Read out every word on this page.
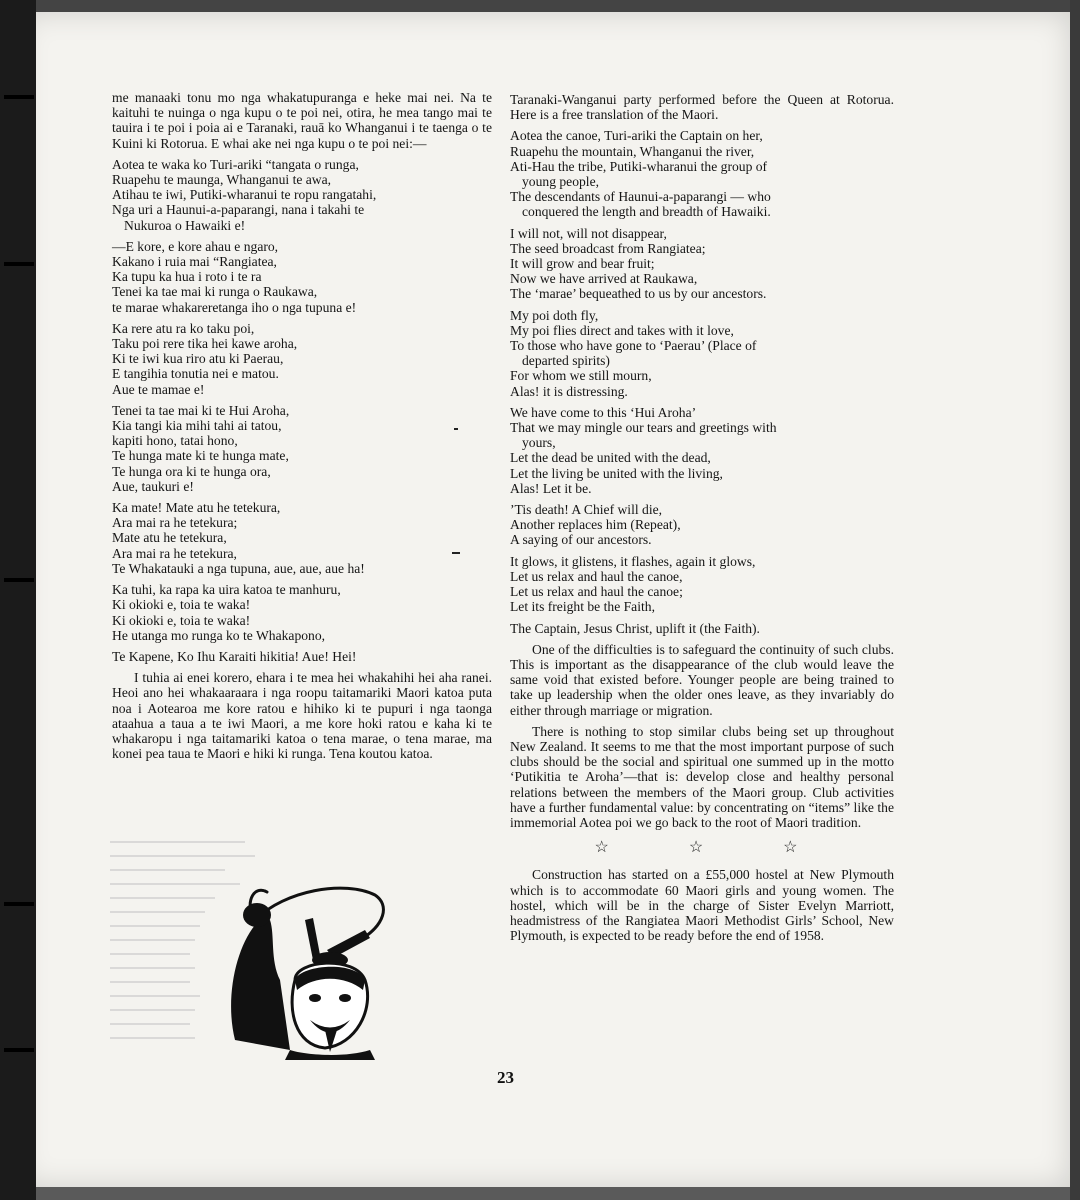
me manaaki tonu mo nga whakatupuranga e heke mai nei. Na te kaituhi te nuinga o nga kupu o te poi nei, otira, he mea tango mai te tauira i te poi i poia ai e Taranaki, rauā ko Whanganui i te taenga o te Kuini ki Rotorua. E whai ake nei nga kupu o te poi nei:—

Aotea te waka ko Turi-ariki “tangata o runga,
Ruapehu te maunga, Whanganui te awa,
Atihau te iwi, Putiki-wharanui te ropu rangatahi,
Nga uri a Haunui-a-paparangi, nana i takahi te
Nukuroa o Hawaiki e!
—E kore, e kore ahau e ngaro,
Kakano i ruia mai “Rangiatea,
Ka tupu ka hua i roto i te ra
Tenei ka tae mai ki runga o Raukawa,
te marae whakareretanga iho o nga tupuna e!
Ka rere atu ra ko taku poi,
Taku poi rere tika hei kawe aroha,
Ki te iwi kua riro atu ki Paerau,
E tangihia tonutia nei e matou.
Aue te mamae e!
Tenei ta tae mai ki te Hui Aroha,
Kia tangi kia mihi tahi ai tatou,
kapiti hono, tatai hono,
Te hunga mate ki te hunga mate,
Te hunga ora ki te hunga ora,
Aue, taukuri e!
Ka mate! Mate atu he tetekura,
Ara mai ra he tetekura;
Mate atu he tetekura,
Ara mai ra he tetekura,
Te Whakatauki a nga tupuna, aue, aue, aue ha!
Ka tuhi, ka rapa ka uira katoa te manhuru,
Ki okioki e, toia te waka!
Ki okioki e, toia te waka!
He utanga mo runga ko te Whakapono,
Te Kapene, Ko Ihu Karaiti hikitia! Aue! Hei!

I tuhia ai enei korero, ehara i te mea hei whakahihi hei aha ranei. Heoi ano hei whakaaraara i nga roopu taitamariki Maori katoa puta noa i Aotearoa me kore ratou e hihiko ki te pupuri i nga taonga ataahua a taua a te iwi Maori, a me kore hoki ratou e kaha ki te whakaropu i nga taitamariki katoa o tena marae, o tena marae, ma konei pea taua te Maori e hiki ki runga. Tena koutou katoa.

Taranaki-Wanganui party performed before the Queen at Rotorua. Here is a free translation of the Maori.

Aotea the canoe, Turi-ariki the Captain on her,
Ruapehu the mountain, Whanganui the river,
Ati-Hau the tribe, Putiki-wharanui the group of
young people,
The descendants of Haunui-a-paparangi — who
conquered the length and breadth of Hawaiki.
I will not, will not disappear,
The seed broadcast from Rangiatea;
It will grow and bear fruit;
Now we have arrived at Raukawa,
The ‘marae’ bequeathed to us by our ancestors.
My poi doth fly,
My poi flies direct and takes with it love,
To those who have gone to ‘Paerau’ (Place of
departed spirits)
For whom we still mourn,
Alas! it is distressing.
We have come to this ‘Hui Aroha’
That we may mingle our tears and greetings with
yours,
Let the dead be united with the dead,
Let the living be united with the living,
Alas! Let it be.
’Tis death! A Chief will die,
Another replaces him (Repeat),
A saying of our ancestors.
It glows, it glistens, it flashes, again it glows,
Let us relax and haul the canoe,
Let us relax and haul the canoe;
Let its freight be the Faith,
The Captain, Jesus Christ, uplift it (the Faith).

One of the difficulties is to safeguard the continuity of such clubs. This is important as the disappearance of the club would leave the same void that existed before. Younger people are being trained to take up leadership when the older ones leave, as they invariably do either through marriage or migration.

There is nothing to stop similar clubs being set up throughout New Zealand. It seems to me that the most important purpose of such clubs should be the social and spiritual one summed up in the motto ‘Putikitia te Aroha’—that is: develop close and healthy personal relations between the members of the Maori group. Club activities have a further fundamental value: by concentrating on “items” like the immemorial Aotea poi we go back to the root of Maori tradition.

☆ ☆ ☆

Construction has started on a £55,000 hostel at New Plymouth which is to accommodate 60 Maori girls and young women. The hostel, which will be in the charge of Sister Evelyn Marriott, headmistress of the Rangiatea Maori Methodist Girls’ School, New Plymouth, is expected to be ready before the end of 1958.

23
